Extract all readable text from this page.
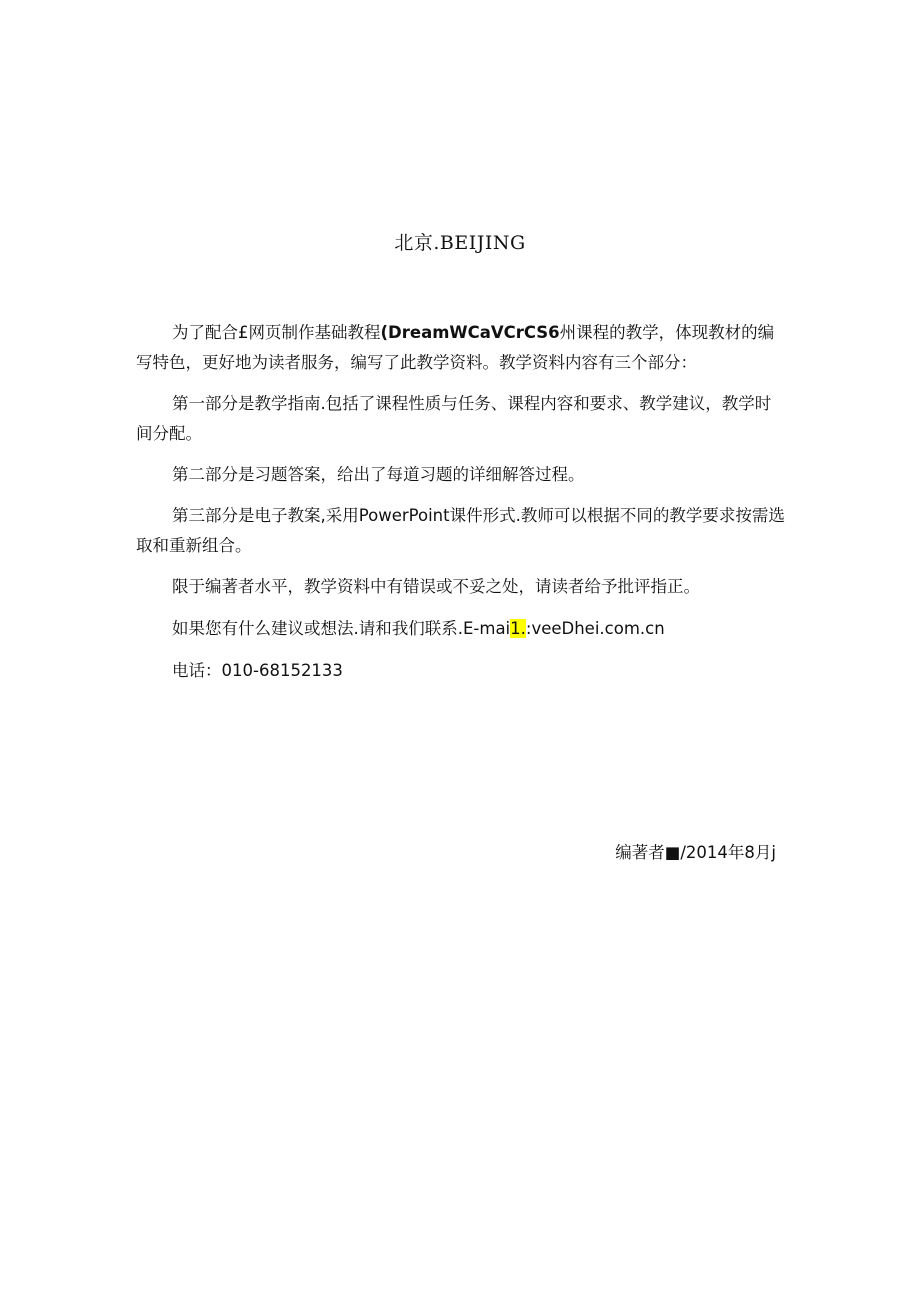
北京.BEIJING

为了配合£网页制作基础教程(DreamWCaVCrCS6州课程的教学，体现教材的编写特色，更好地为读者服务，编写了此教学资料。教学资料内容有三个部分：

第一部分是教学指南.包括了课程性质与任务、课程内容和要求、教学建议，教学时间分配。

第二部分是习题答案，给出了每道习题的详细解答过程。

第三部分是电子教案,采用PowerPoint课件形式.教师可以根据不同的教学要求按需选取和重新组合。

限于编著者水平，教学资料中有错误或不妥之处，请读者给予批评指正。

如果您有什么建议或想法.请和我们联系.E-mai1.:veeDhei.com.cn

电话：010-68152133

编著者■/2014年8月j
